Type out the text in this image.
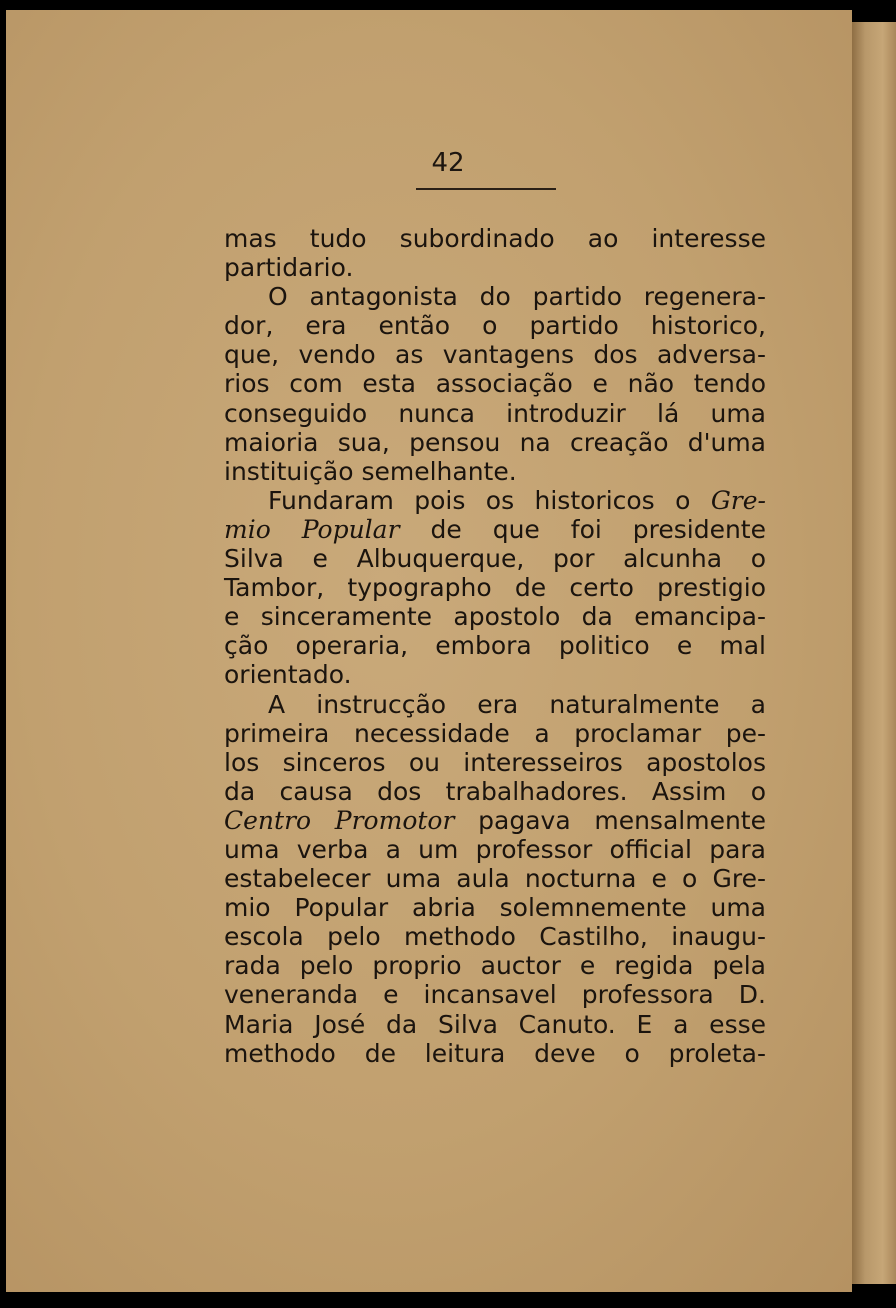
42
mas tudo subordinado ao interesse
partidario.
O antagonista do partido regenera-
dor, era então o partido historico,
que, vendo as vantagens dos adversa-
rios com esta associação e não tendo
conseguido nunca introduzir lá uma
maioria sua, pensou na creação d'uma
instituição semelhante.
Fundaram pois os historicos o Gre-
mio Popular de que foi presidente
Silva e Albuquerque, por alcunha o
Tambor, typographo de certo prestigio
e sinceramente apostolo da emancipa-
ção operaria, embora politico e mal
orientado.
A instrucção era naturalmente a
primeira necessidade a proclamar pe-
los sinceros ou interesseiros apostolos
da causa dos trabalhadores. Assim o
Centro Promotor pagava mensalmente
uma verba a um professor official para
estabelecer uma aula nocturna e o Gre-
mio Popular abria solemnemente uma
escola pelo methodo Castilho, inaugu-
rada pelo proprio auctor e regida pela
veneranda e incansavel professora D.
Maria José da Silva Canuto. E a esse
methodo de leitura deve o proleta-
